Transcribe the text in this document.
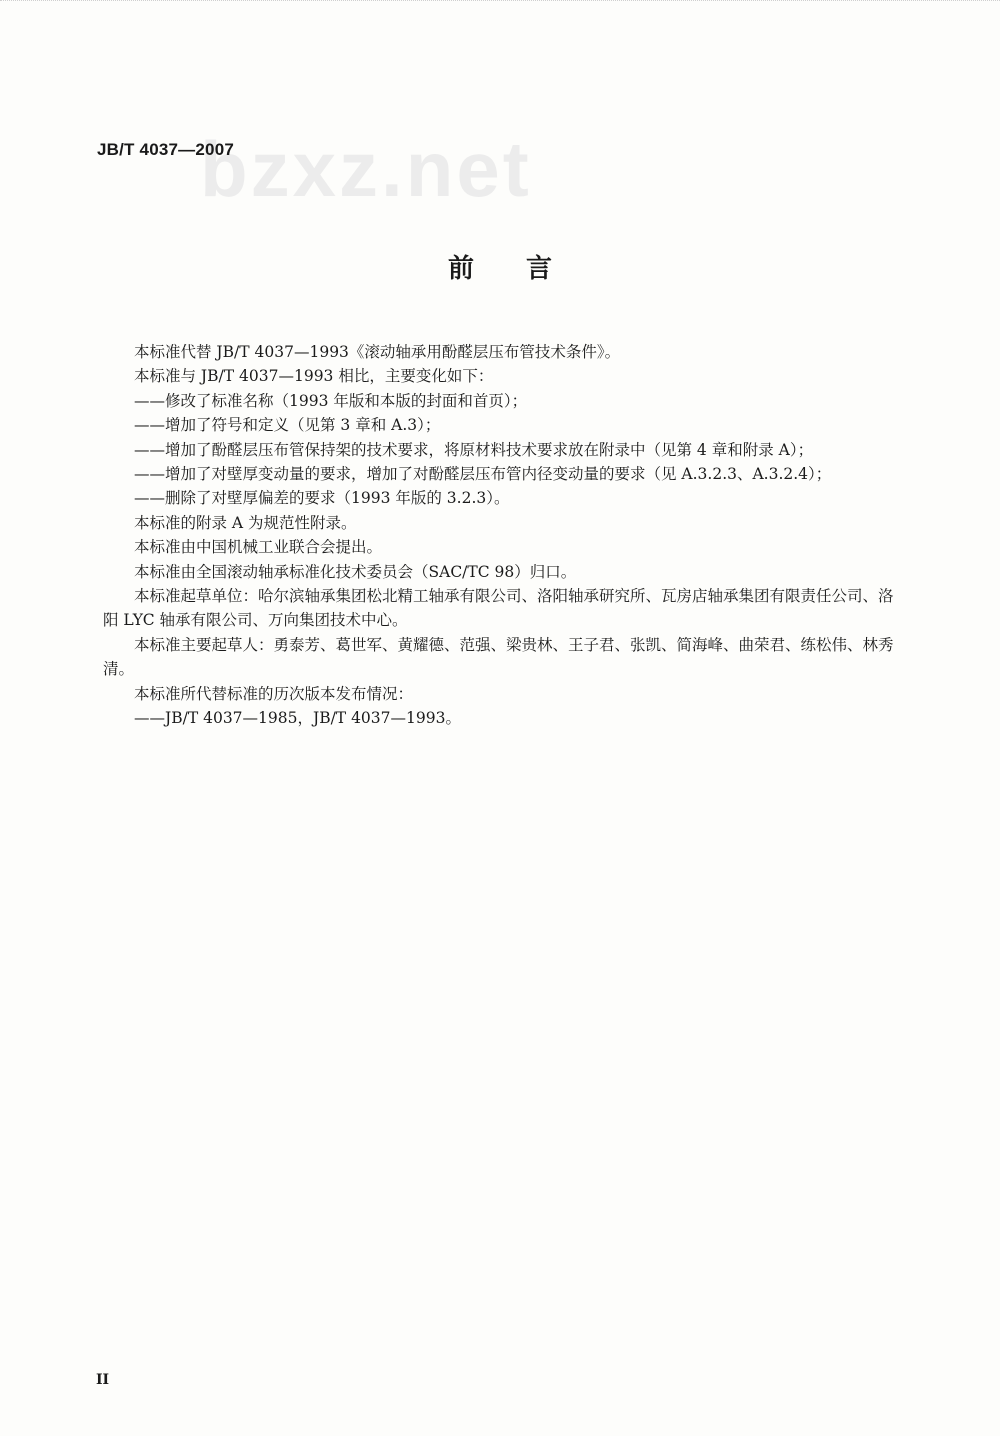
bzxz.net
JB/T 4037—2007
前言

本标准代替 JB/T 4037—1993《滚动轴承用酚醛层压布管技术条件》。

本标准与 JB/T 4037—1993 相比，主要变化如下：

——修改了标准名称（1993 年版和本版的封面和首页）；

——增加了符号和定义（见第 3 章和 A.3）；

——增加了酚醛层压布管保持架的技术要求，将原材料技术要求放在附录中（见第 4 章和附录 A）；

——增加了对壁厚变动量的要求，增加了对酚醛层压布管内径变动量的要求（见 A.3.2.3、A.3.2.4）；

——删除了对壁厚偏差的要求（1993 年版的 3.2.3）。

本标准的附录 A 为规范性附录。

本标准由中国机械工业联合会提出。

本标准由全国滚动轴承标准化技术委员会（SAC/TC 98）归口。

本标准起草单位：哈尔滨轴承集团松北精工轴承有限公司、洛阳轴承研究所、瓦房店轴承集团有限责任公司、洛阳 LYC 轴承有限公司、万向集团技术中心。

本标准主要起草人：勇泰芳、葛世军、黄耀德、范强、梁贵林、王子君、张凯、简海峰、曲荣君、练松伟、林秀清。

本标准所代替标准的历次版本发布情况：

——JB/T 4037—1985，JB/T 4037—1993。

II
